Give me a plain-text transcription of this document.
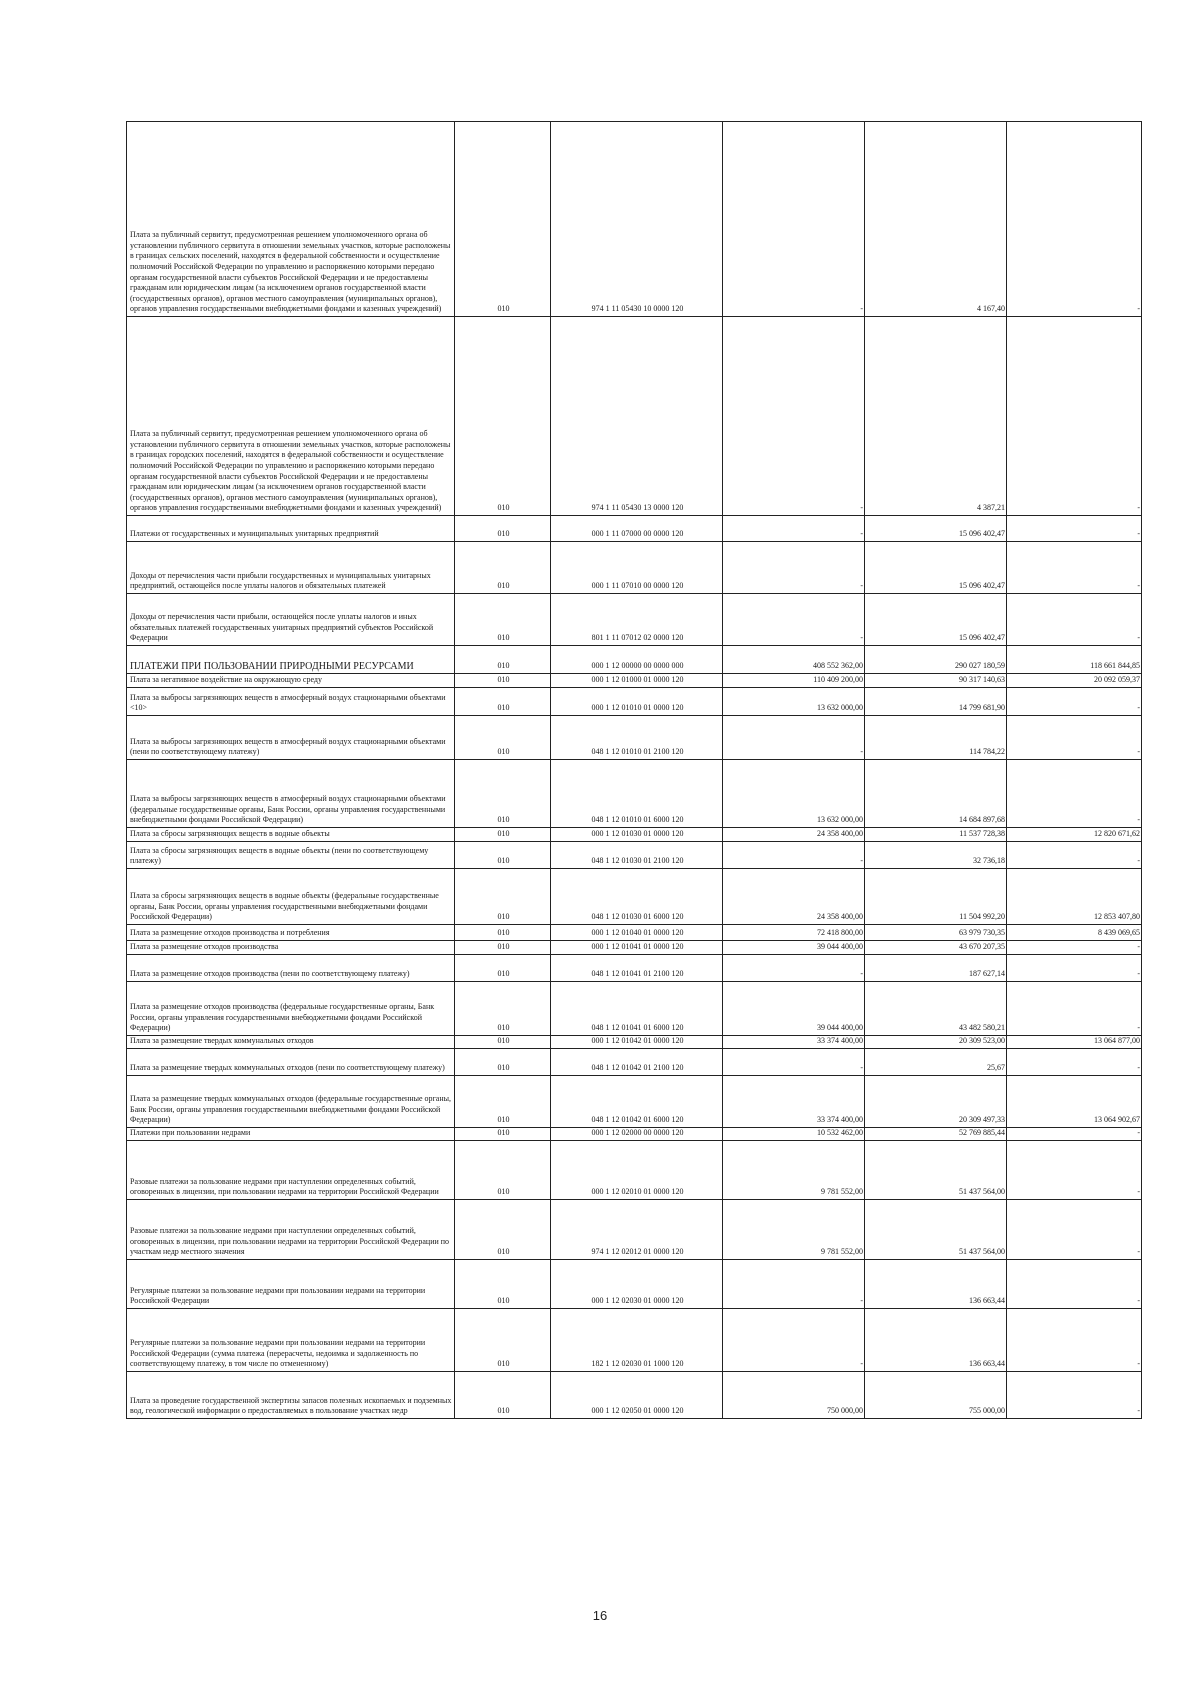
Плата за публичный сервитут, предусмотренная решением уполномоченного органа об установлении публичного сервитута в отношении земельных участков, которые расположены в границах сельских поселений, находятся в федеральной собственности и осуществление полномочий Российской Федерации по управлению и распоряжению которыми передано органам государственной власти субъектов Российской Федерации и не предоставлены гражданам или юридическим лицам (за исключением органов государственной власти (государственных органов), органов местного самоуправления (муниципальных органов), органов управления государственными внебюджетными фондами и казенных учреждений)	010	974 1 11 05430 10 0000 120	-	4 167,40	-
Плата за публичный сервитут, предусмотренная решением уполномоченного органа об установлении публичного сервитута в отношении земельных участков, которые расположены в границах городских поселений, находятся в федеральной собственности и осуществление полномочий Российской Федерации по управлению и распоряжению которыми передано органам государственной власти субъектов Российской Федерации и не предоставлены гражданам или юридическим лицам (за исключением органов государственной власти (государственных органов), органов местного самоуправления (муниципальных органов), органов управления государственными внебюджетными фондами и казенных учреждений)	010	974 1 11 05430 13 0000 120	-	4 387,21	-
Платежи от государственных и муниципальных унитарных предприятий	010	000 1 11 07000 00 0000 120	-	15 096 402,47	-
Доходы от перечисления части прибыли государственных и муниципальных унитарных предприятий, остающейся после уплаты налогов и обязательных платежей	010	000 1 11 07010 00 0000 120	-	15 096 402,47	-
Доходы от перечисления части прибыли, остающейся после уплаты налогов и иных обязательных платежей государственных унитарных предприятий субъектов Российской Федерации	010	801 1 11 07012 02 0000 120	-	15 096 402,47	-
ПЛАТЕЖИ ПРИ ПОЛЬЗОВАНИИ ПРИРОДНЫМИ РЕСУРСАМИ	010	000 1 12 00000 00 0000 000	408 552 362,00	290 027 180,59	118 661 844,85
Плата за негативное воздействие на окружающую среду	010	000 1 12 01000 01 0000 120	110 409 200,00	90 317 140,63	20 092 059,37
Плата за выбросы загрязняющих веществ в атмосферный воздух стационарными объектами <10>	010	000 1 12 01010 01 0000 120	13 632 000,00	14 799 681,90	-
Плата за выбросы загрязняющих веществ в атмосферный воздух стационарными объектами (пени по соответствующему платежу)	010	048 1 12 01010 01 2100 120	-	114 784,22	-
Плата за выбросы загрязняющих веществ в атмосферный воздух стационарными объектами (федеральные государственные органы, Банк России, органы управления государственными внебюджетными фондами Российской Федерации)	010	048 1 12 01010 01 6000 120	13 632 000,00	14 684 897,68	-
Плата за сбросы загрязняющих веществ в водные объекты	010	000 1 12 01030 01 0000 120	24 358 400,00	11 537 728,38	12 820 671,62
Плата за сбросы загрязняющих веществ в водные объекты (пени по соответствующему платежу)	010	048 1 12 01030 01 2100 120	-	32 736,18	-
Плата за сбросы загрязняющих веществ в водные объекты (федеральные государственные органы, Банк России, органы управления государственными внебюджетными фондами Российской Федерации)	010	048 1 12 01030 01 6000 120	24 358 400,00	11 504 992,20	12 853 407,80
Плата за размещение отходов производства и потребления	010	000 1 12 01040 01 0000 120	72 418 800,00	63 979 730,35	8 439 069,65
Плата за размещение отходов производства	010	000 1 12 01041 01 0000 120	39 044 400,00	43 670 207,35	-
Плата за размещение отходов производства (пени по соответствующему платежу)	010	048 1 12 01041 01 2100 120	-	187 627,14	-
Плата за размещение отходов производства (федеральные государственные органы, Банк России, органы управления государственными внебюджетными фондами Российской Федерации)	010	048 1 12 01041 01 6000 120	39 044 400,00	43 482 580,21	-
Плата за размещение твердых коммунальных отходов	010	000 1 12 01042 01 0000 120	33 374 400,00	20 309 523,00	13 064 877,00
Плата за размещение твердых коммунальных отходов (пени по соответствующему платежу)	010	048 1 12 01042 01 2100 120	-	25,67	-
Плата за размещение твердых коммунальных отходов (федеральные государственные органы, Банк России, органы управления государственными внебюджетными фондами Российской Федерации)	010	048 1 12 01042 01 6000 120	33 374 400,00	20 309 497,33	13 064 902,67
Платежи при пользовании недрами	010	000 1 12 02000 00 0000 120	10 532 462,00	52 769 885,44	-
Разовые платежи за пользование недрами при наступлении определенных событий, оговоренных в лицензии, при пользовании недрами на территории Российской Федерации	010	000 1 12 02010 01 0000 120	9 781 552,00	51 437 564,00	-
Разовые платежи за пользование недрами при наступлении определенных событий, оговоренных в лицензии, при пользовании недрами на территории Российской Федерации по участкам недр местного значения	010	974 1 12 02012 01 0000 120	9 781 552,00	51 437 564,00	-
Регулярные платежи за пользование недрами при пользовании недрами на территории Российской Федерации	010	000 1 12 02030 01 0000 120	-	136 663,44	-
Регулярные платежи за пользование недрами при пользовании недрами на территории Российской Федерации (сумма платежа (перерасчеты, недоимка и задолженность по соответствующему платежу, в том числе по отмененному)	010	182 1 12 02030 01 1000 120	-	136 663,44	-
Плата за проведение государственной экспертизы запасов полезных ископаемых и подземных вод, геологической информации о предоставляемых в пользование участках недр	010	000 1 12 02050 01 0000 120	750 000,00	755 000,00	-
16
